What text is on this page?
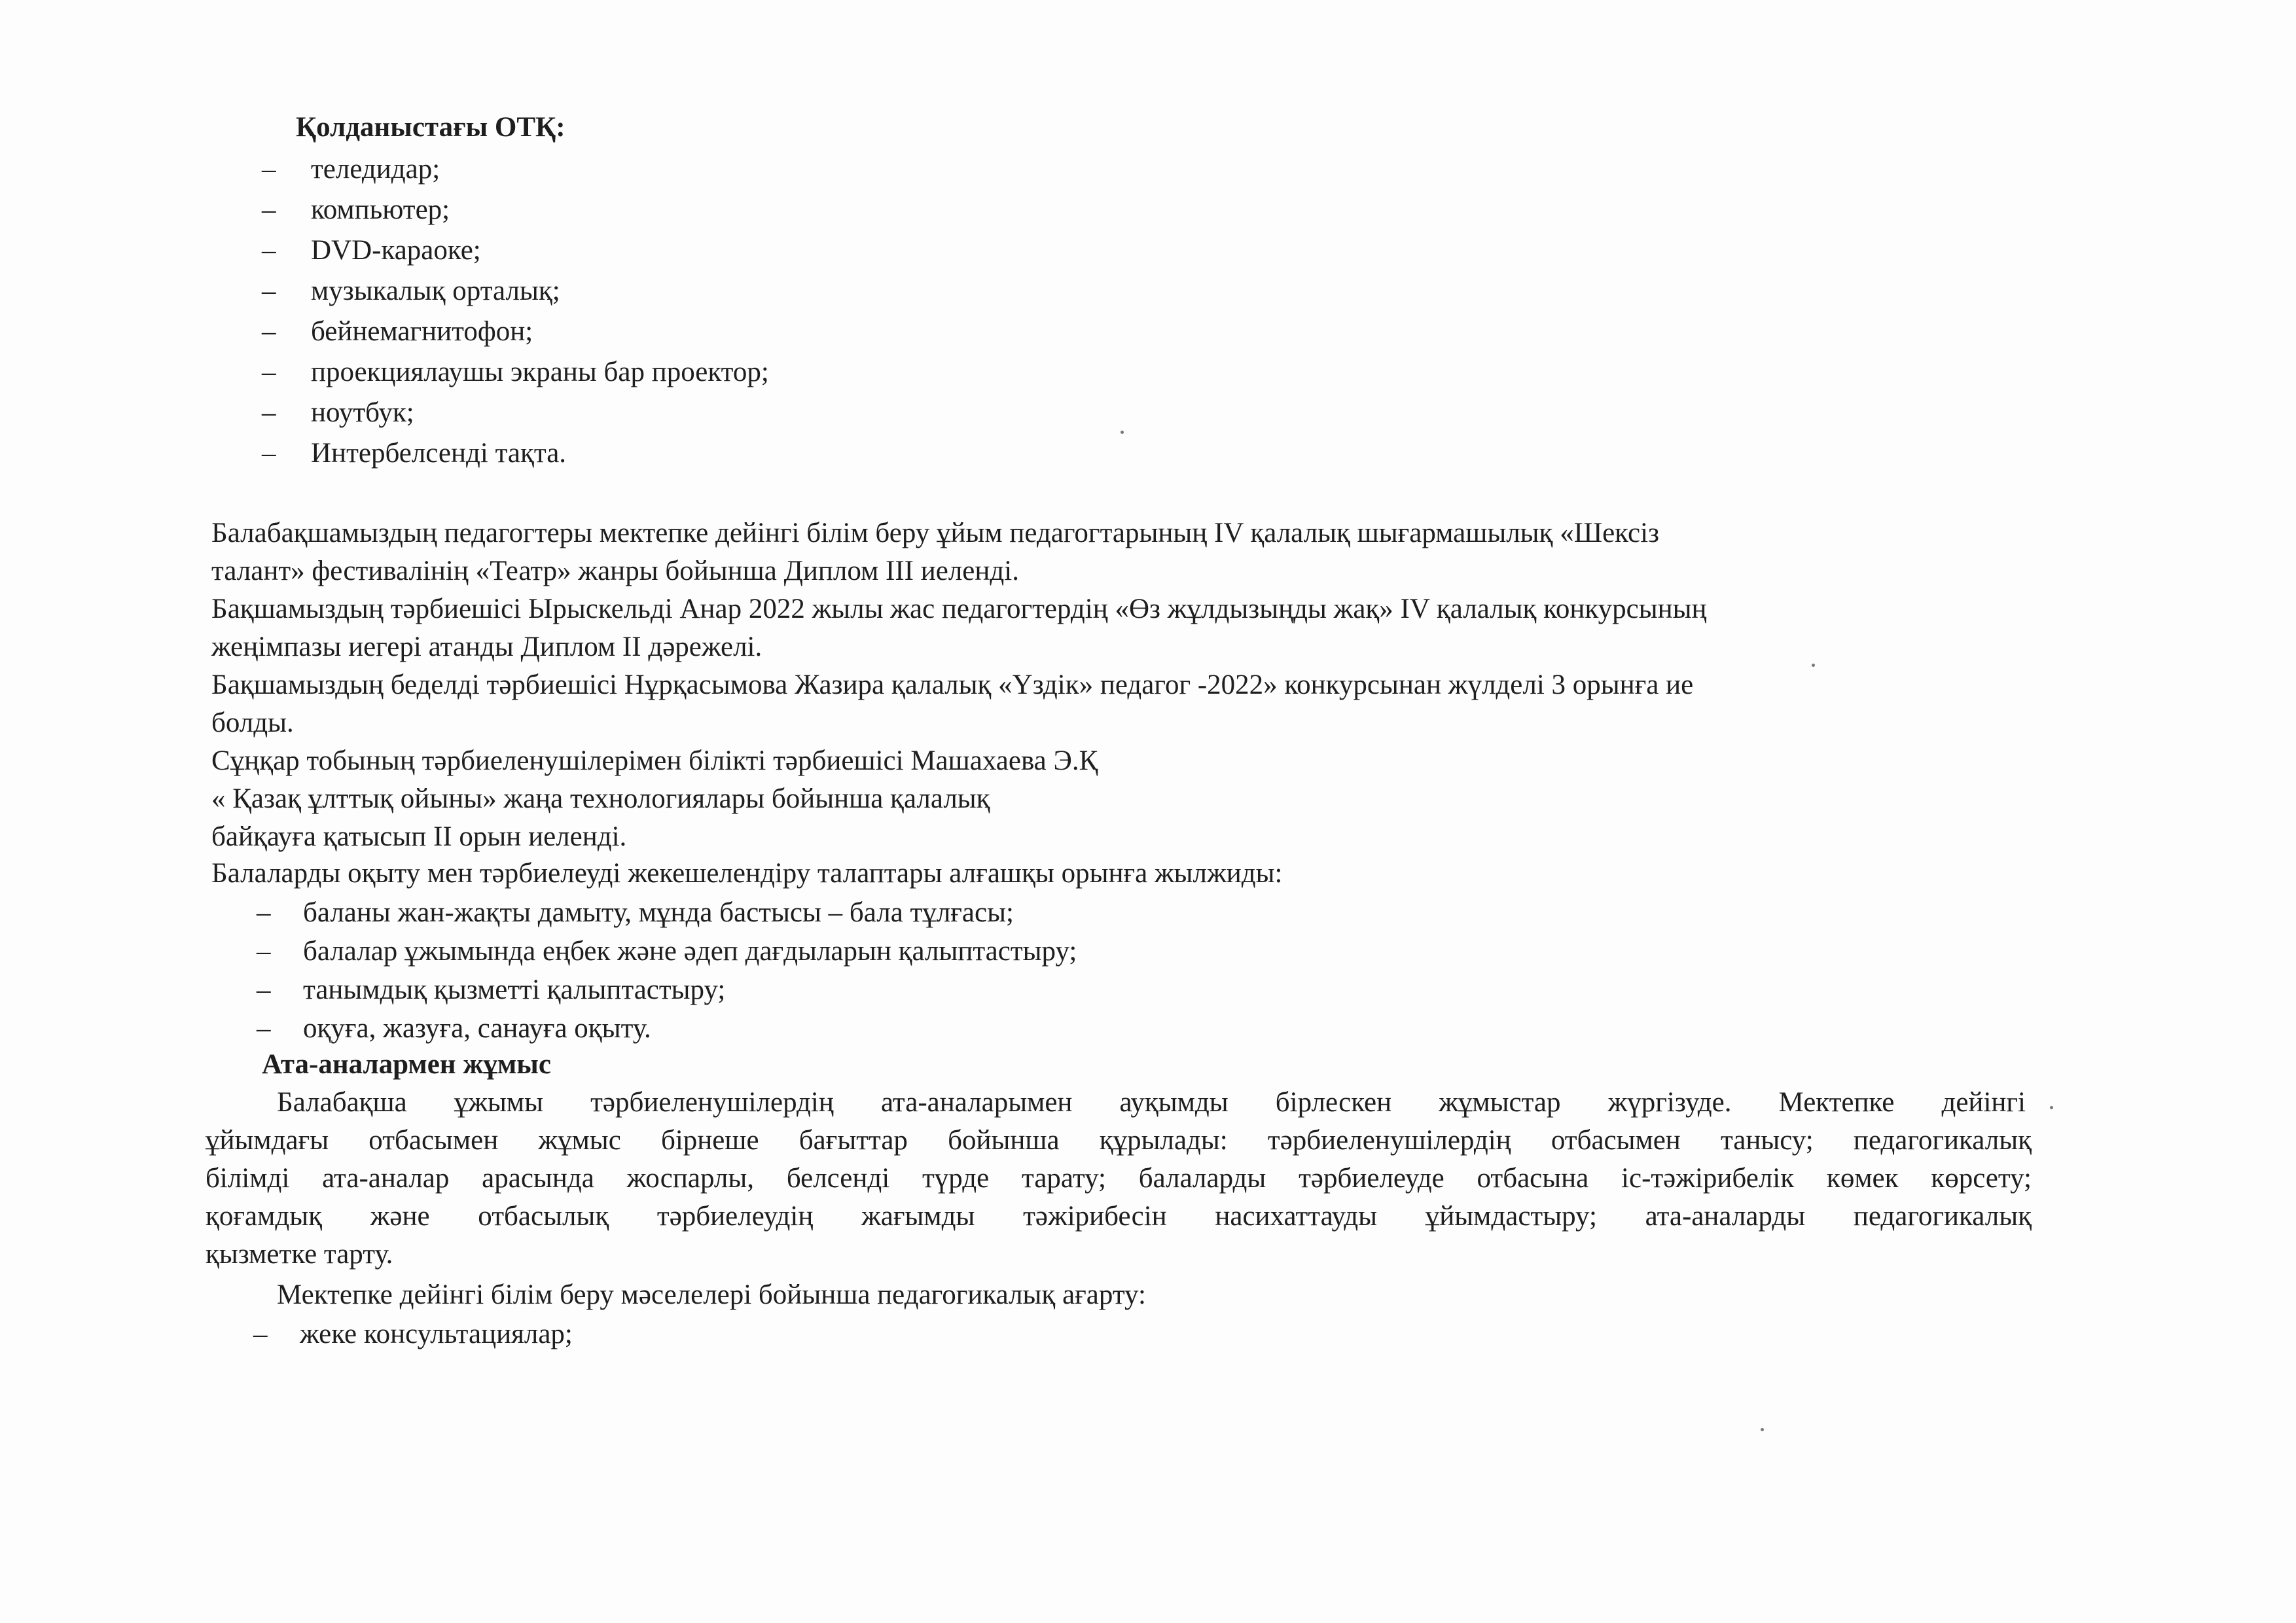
Қолданыстағы ОТҚ:
– теледидар;
– компьютер;
– DVD-караоке;
– музыкалық орталық;
– бейнемагнитофон;
– проекциялаушы экраны бар проектор;
– ноутбук;
– Интербелсенді тақта.
Балабақшамыздың педагогтеры мектепке дейінгі білім беру ұйым педагогтарының IV қалалық шығармашылық «Шексіз
талант» фестивалінің «Театр» жанры бойынша Диплом III иеленді.
Бақшамыздың тәрбиешісі Ырыскельді Анар 2022 жылы жас педагогтердің «Өз жұлдызыңды жақ» IV қалалық конкурсының
жеңімпазы иегері атанды Диплом II дәрежелі.
Бақшамыздың беделді тәрбиешісі Нұрқасымова Жазира қалалық «Үздік» педагог -2022» конкурсынан жүлделі 3 орынға ие
болды.
Сұңқар тобының тәрбиеленушілерімен білікті тәрбиешісі Машахаева Э.Қ
« Қазақ ұлттық ойыны» жаңа технологиялары бойынша қалалық
байқауға қатысып II орын иеленді.
Балаларды оқыту мен тәрбиелеуді жекешелендіру талаптары алғашқы орынға жылжиды:
– баланы жан-жақты дамыту, мұнда бастысы – бала тұлғасы;
– балалар ұжымында еңбек және әдеп дағдыларын қалыптастыру;
– танымдық қызметті қалыптастыру;
– оқуға, жазуға, санауға оқыту.
Ата-аналармен жұмыс
Балабақша ұжымы тәрбиеленушілердің ата-аналарымен ауқымды бірлескен жұмыстар жүргізуде. Мектепке дейінгі
ұйымдағы отбасымен жұмыс бірнеше бағыттар бойынша құрылады: тәрбиеленушілердің отбасымен танысу; педагогикалық
білімді ата-аналар арасында жоспарлы, белсенді түрде тарату; балаларды тәрбиелеуде отбасына іс-тәжірибелік көмек көрсету;
қоғамдық және отбасылық тәрбиелеудің жағымды тәжірибесін насихаттауды ұйымдастыру; ата-аналарды педагогикалық
қызметке тарту.
Мектепке дейінгі білім беру мәселелері бойынша педагогикалық ағарту:
– жеке консультациялар;
